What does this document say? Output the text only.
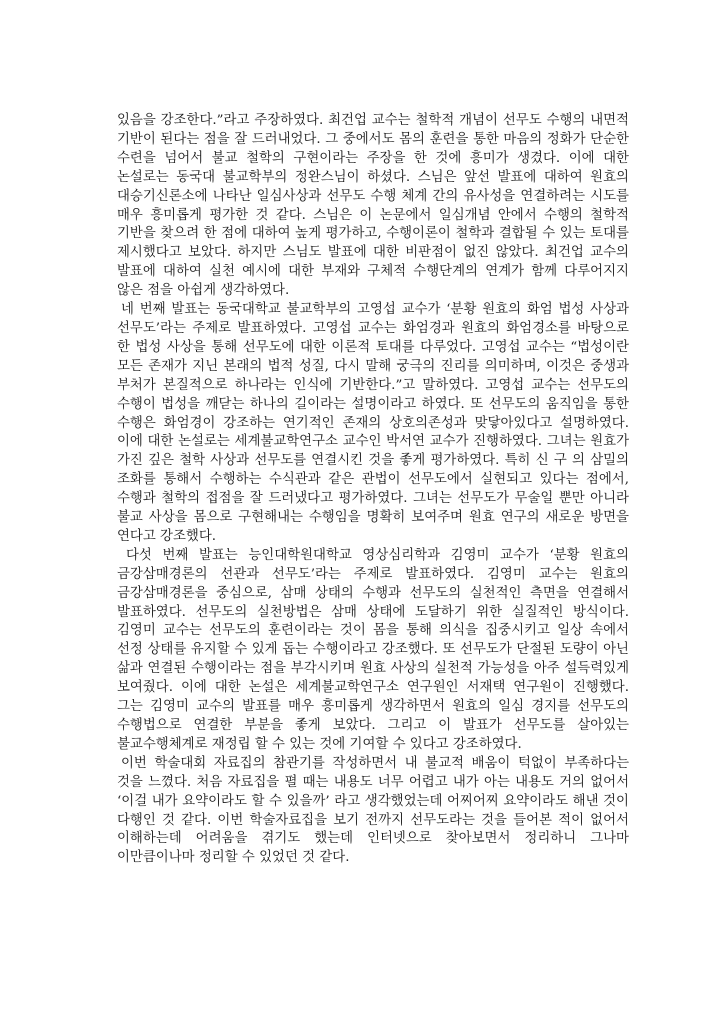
있음을 강조한다.”라고 주장하였다. 최건업 교수는 철학적 개념이 선무도 수행의 내면적 기반이 된다는 점을 잘 드러내었다. 그 중에서도 몸의 훈련을 통한 마음의 정화가 단순한 수련을 넘어서 불교 철학의 구현이라는 주장을 한 것에 흥미가 생겼다. 이에 대한 논설로는 동국대 불교학부의 정완스님이 하셨다. 스님은 앞선 발표에 대하여 원효의 대승기신론소에 나타난 일심사상과 선무도 수행 체계 간의 유사성을 연결하려는 시도를 매우 흥미롭게 평가한 것 같다. 스님은 이 논문에서 일심개념 안에서 수행의 철학적 기반을 찾으려 한 점에 대하여 높게 평가하고, 수행이론이 철학과 결합될 수 있는 토대를 제시했다고 보았다. 하지만 스님도 발표에 대한 비판점이 없진 않았다. 최건업 교수의 발표에 대하여 실천 예시에 대한 부재와 구체적 수행단계의 연계가 함께 다루어지지 않은 점을 아쉽게 생각하였다.

네 번째 발표는 동국대학교 불교학부의 고영섭 교수가 ‘분황 원효의 화엄 법성 사상과 선무도’라는 주제로 발표하였다. 고영섭 교수는 화엄경과 원효의 화엄경소를 바탕으로 한 법성 사상을 통해 선무도에 대한 이론적 토대를 다루었다. 고영섭 교수는 “법성이란 모든 존재가 지닌 본래의 법적 성질, 다시 말해 궁극의 진리를 의미하며, 이것은 중생과 부처가 본질적으로 하나라는 인식에 기반한다.”고 말하였다. 고영섭 교수는 선무도의 수행이 법성을 깨닫는 하나의 길이라는 설명이라고 하였다. 또 선무도의 움직임을 통한 수행은 화엄경이 강조하는 연기적인 존재의 상호의존성과 맞닿아있다고 설명하였다. 이에 대한 논설로는 세계불교학연구소 교수인 박서연 교수가 진행하였다. 그녀는 원효가 가진 깊은 철학 사상과 선무도를 연결시킨 것을 좋게 평가하였다. 특히 신 구 의 삼밀의 조화를 통해서 수행하는 수식관과 같은 관법이 선무도에서 실현되고 있다는 점에서, 수행과 철학의 접점을 잘 드러냈다고 평가하였다. 그녀는 선무도가 무술일 뿐만 아니라 불교 사상을 몸으로 구현해내는 수행임을 명확히 보여주며 원효 연구의 새로운 방면을 연다고 강조했다.

다섯 번째 발표는 능인대학원대학교 영상심리학과 김영미 교수가 ‘분황 원효의 금강삼매경론의 선관과 선무도’라는 주제로 발표하였다. 김영미 교수는 원효의 금강삼매경론을 중심으로, 삼매 상태의 수행과 선무도의 실천적인 측면을 연결해서 발표하였다. 선무도의 실천방법은 삼매 상태에 도달하기 위한 실질적인 방식이다. 김영미 교수는 선무도의 훈련이라는 것이 몸을 통해 의식을 집중시키고 일상 속에서 선정 상태를 유지할 수 있게 돕는 수행이라고 강조했다. 또 선무도가 단절된 도량이 아닌 삶과 연결된 수행이라는 점을 부각시키며 원효 사상의 실천적 가능성을 아주 설득력있게 보여줬다. 이에 대한 논설은 세계불교학연구소 연구원인 서재택 연구원이 진행했다. 그는 김영미 교수의 발표를 매우 흥미롭게 생각하면서 원효의 일심 경지를 선무도의 수행법으로 연결한 부분을 좋게 보았다. 그리고 이 발표가 선무도를 살아있는 불교수행체계로 재정립 할 수 있는 것에 기여할 수 있다고 강조하였다.

이번 학술대회 자료집의 참관기를 작성하면서 내 불교적 배움이 턱없이 부족하다는 것을 느꼈다. 처음 자료집을 펼 때는 내용도 너무 어렵고 내가 아는 내용도 거의 없어서 ‘이걸 내가 요약이라도 할 수 있을까’ 라고 생각했었는데 어찌어찌 요약이라도 해낸 것이 다행인 것 같다. 이번 학술자료집을 보기 전까지 선무도라는 것을 들어본 적이 없어서 이해하는데 어려움을 겪기도 했는데 인터넷으로 찾아보면서 정리하니 그나마 이만큼이나마 정리할 수 있었던 것 같다.
